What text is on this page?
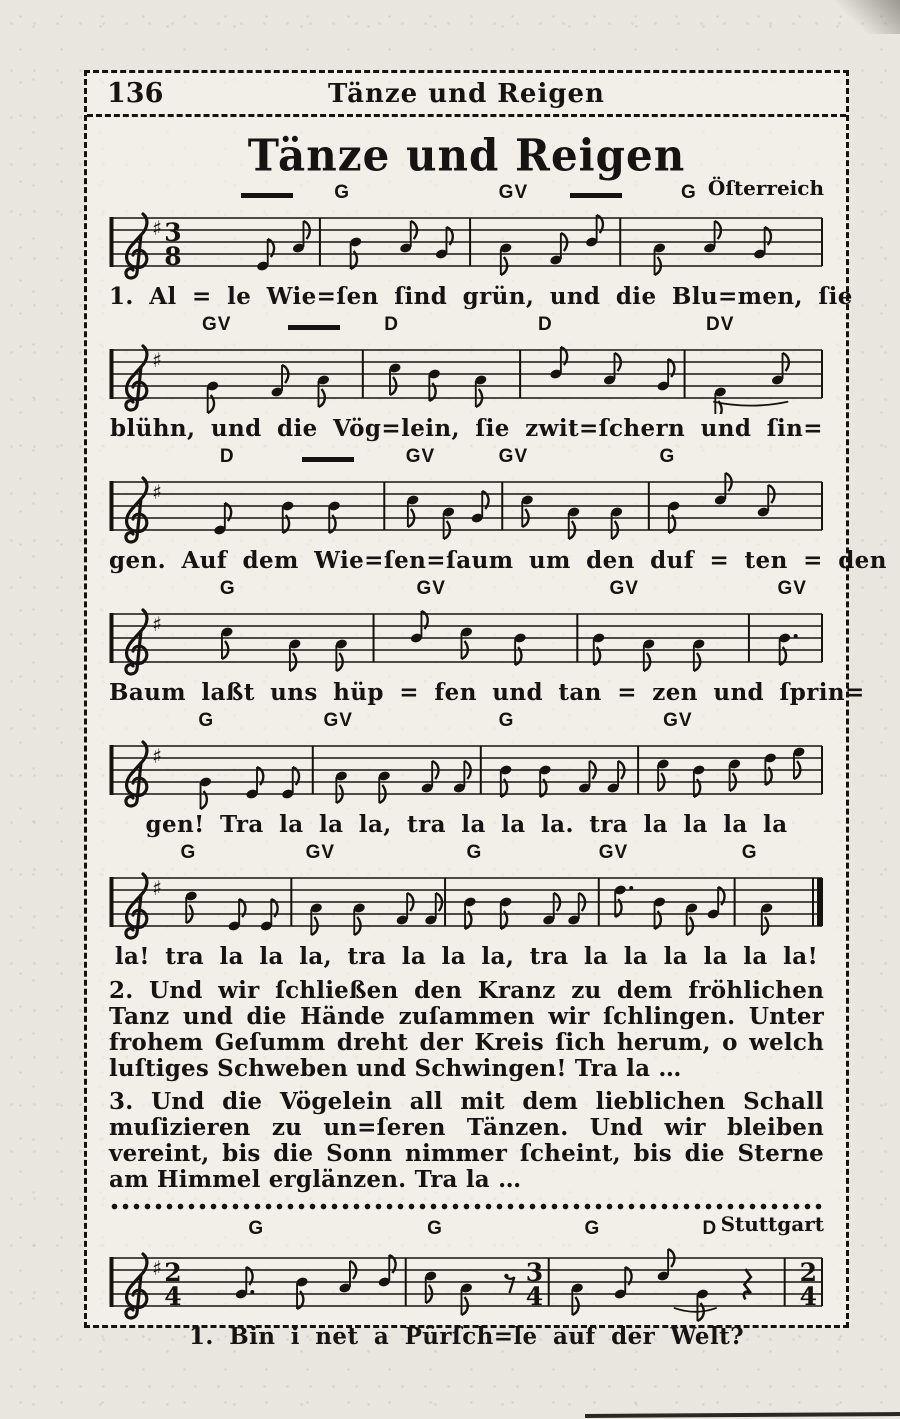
136	Tänze und Reigen
Tänze und Reigen
Öſterreich
G	GV	G
♯ 3
8
1. Al = le Wie=ſen ſind grün, und die Blu=men, ſie
GV	D	D	DV
♯
blühn, und die Vög=lein, ſie zwit=ſchern und ſin=
D	GV	GV	G
♯
gen. Auf dem Wie=ſen=ſaum um den duf = ten = den
G	GV	GV	GV
♯
Baum laßt uns hüp = fen und tan = zen und ſprin=
G	GV	G	GV
♯
gen! Tra la la la, tra la la la. tra la la la la
G	GV	G	GV	G
♯
la! tra la la la, tra la la la, tra la la la la la la!

2. Und wir ſchließen den Kranz zu dem fröhlichen Tanz und die Hände zuſammen wir ſchlingen. Unter frohem Geſumm dreht der Kreis ſich herum, o welch luſtiges Schweben und Schwingen! Tra la …

3. Und die Vögelein all mit dem lieblichen Schall muſizieren zu un=ſeren Tänzen. Und wir bleiben vereint, bis die Sonn nimmer ſcheint, bis die Sterne am Himmel erglänzen. Tra la …

Stuttgart
G	G	G	D
♯ 2
4
3
4
2
4
1. Bin i net a Pürſch=le auf der Welt?
